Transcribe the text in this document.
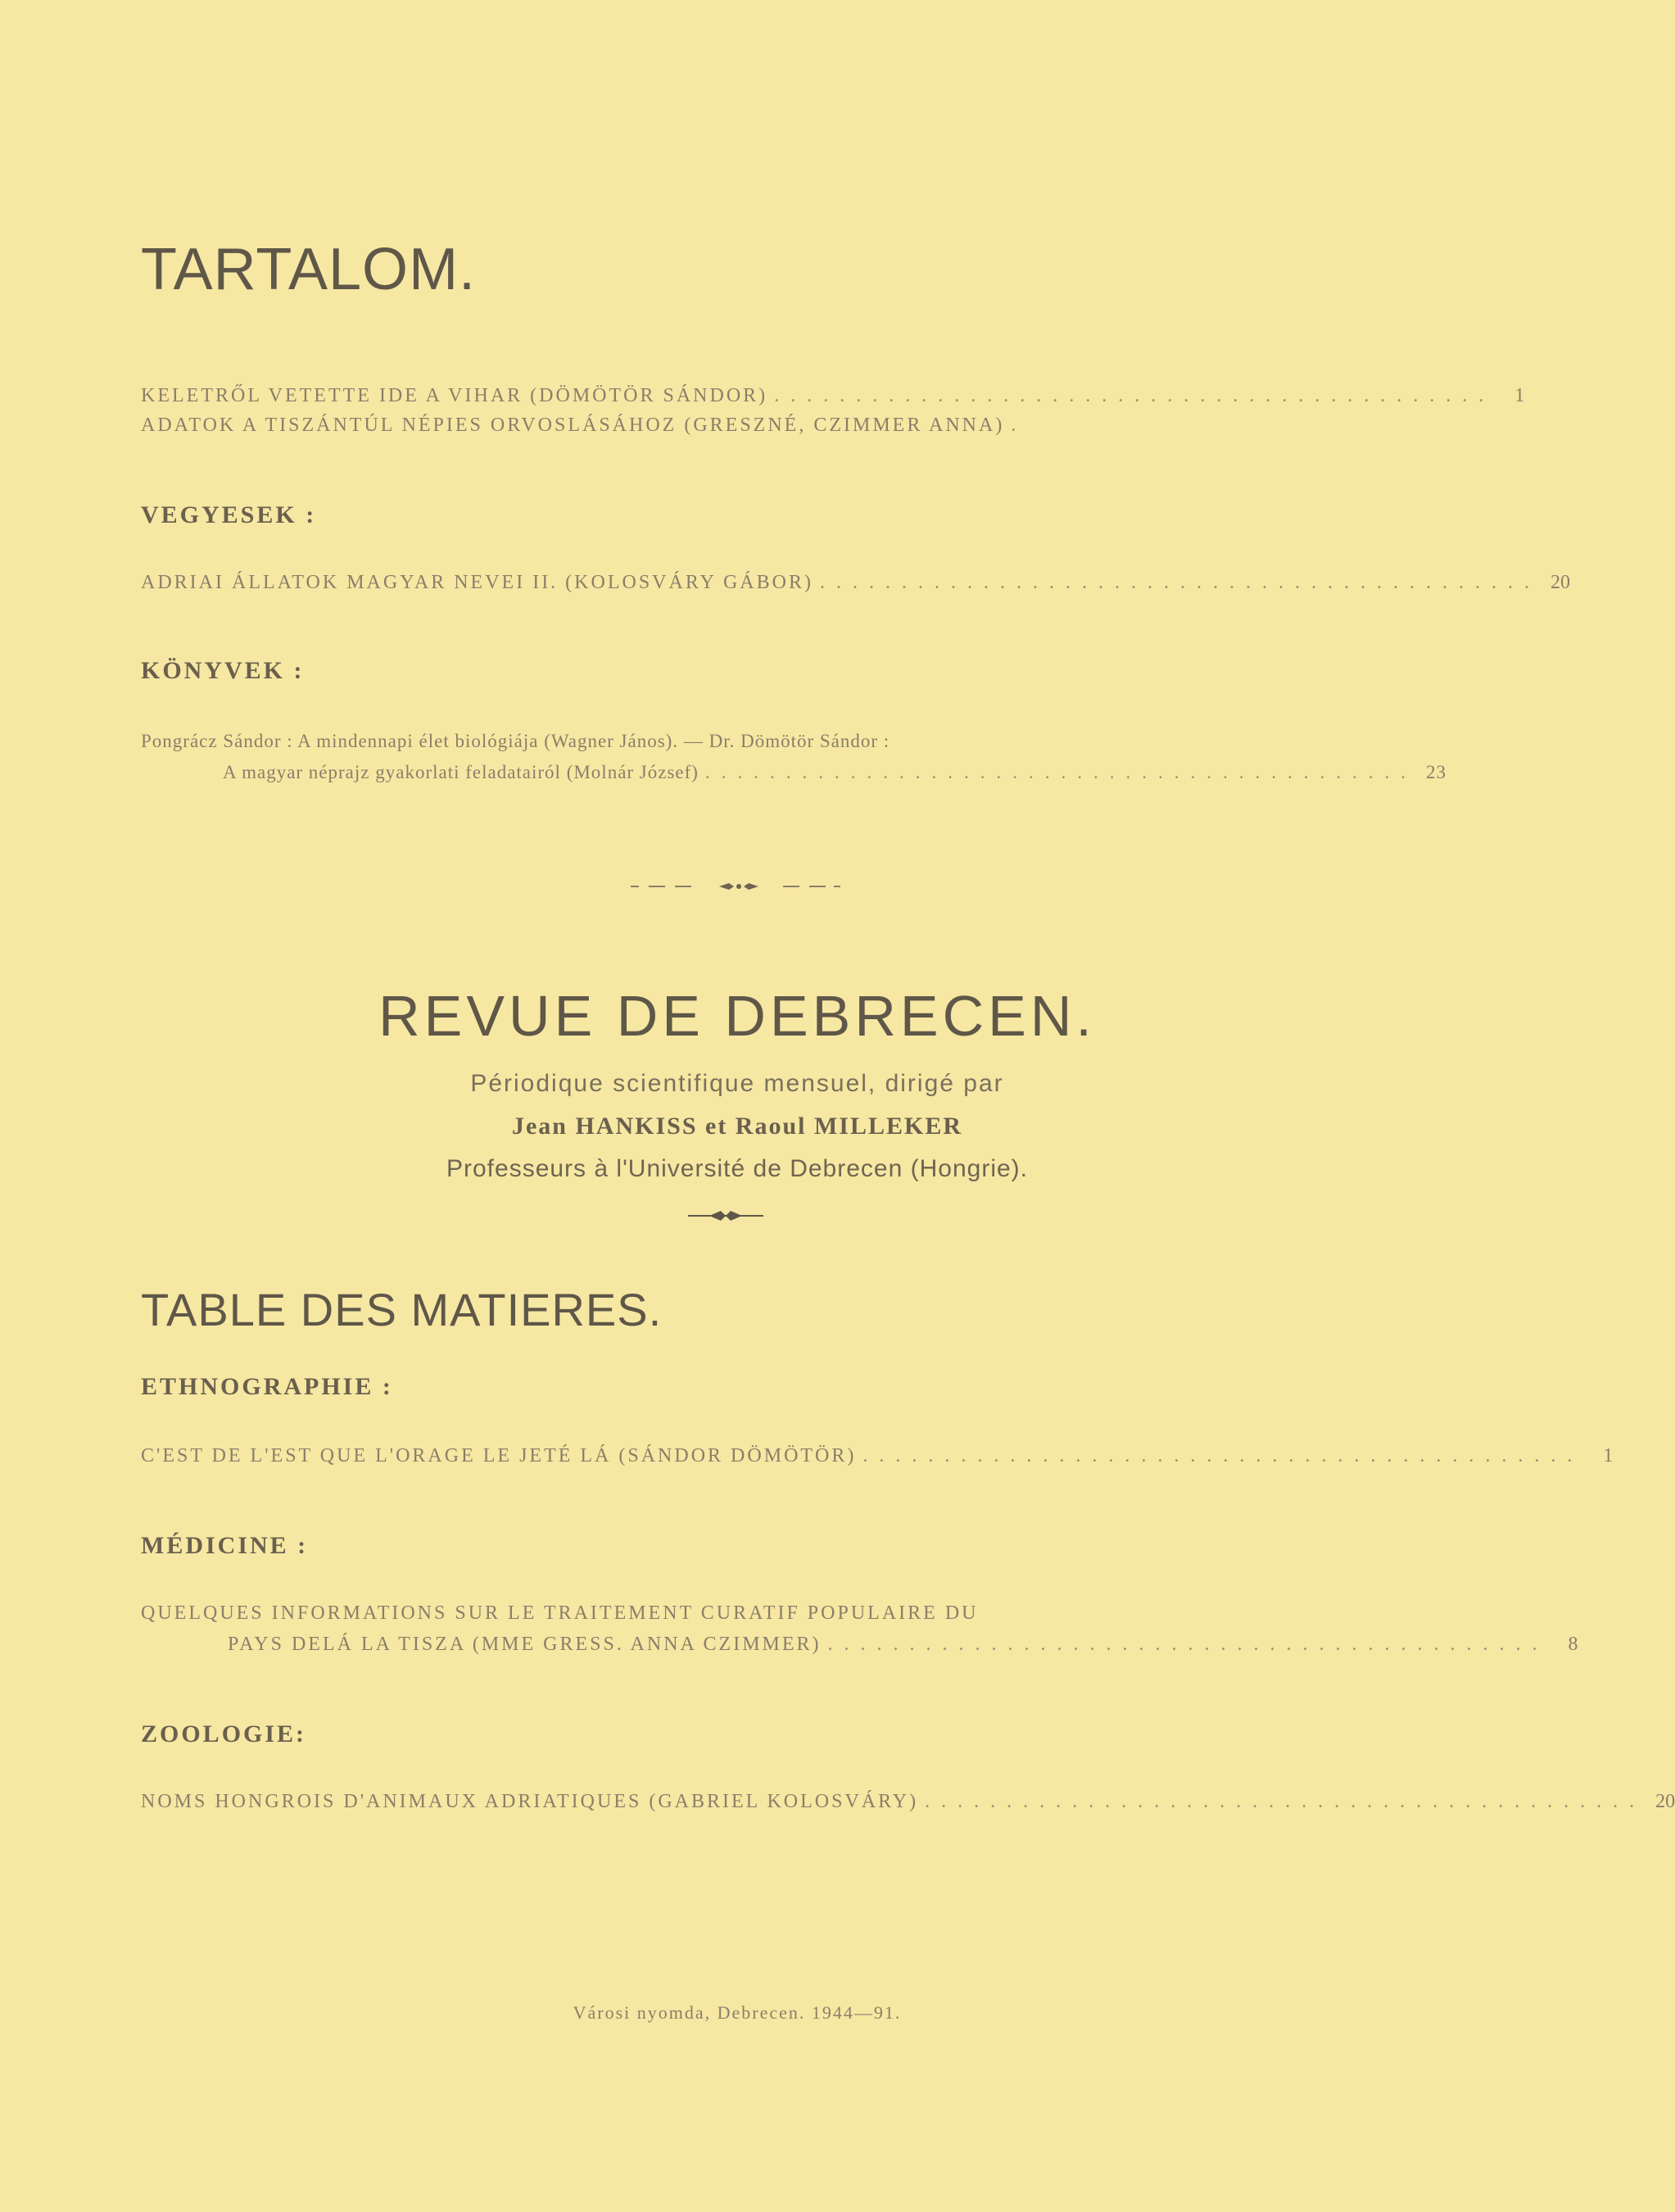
TARTALOM.
KELETRŐL VETETTE IDE A VIHAR (DÖMÖTÖR SÁNDOR) ............................................	1
ADATOK A TISZÁNTÚL NÉPIES ORVOSLÁSÁHOZ (GRESZNÉ, CZIMMER ANNA) .
VEGYESEK :
ADRIAI ÁLLATOK MAGYAR NEVEI II. (KOLOSVÁRY GÁBOR) ............................................ 20
KÖNYVEK :
Pongrácz Sándor : A mindennapi élet biológiája (Wagner János). — Dr. Dömötör Sándor :
A magyar néprajz gyakorlati feladatairól (Molnár József) ............................................ 23
REVUE DE DEBRECEN.
Périodique scientifique mensuel, dirigé par
Jean HANKISS et Raoul MILLEKER
Professeurs à l'Université de Debrecen (Hongrie).
TABLE DES MATIERES.
ETHNOGRAPHIE :
C'EST DE L'EST QUE L'ORAGE LE JETÉ LÁ (SÁNDOR DÖMÖTÖR) ............................................	1
MÉDICINE :
QUELQUES INFORMATIONS SUR LE TRAITEMENT CURATIF POPULAIRE DU
PAYS DELÁ LA TISZA (MME GRESS. ANNA CZIMMER) ............................................	8
ZOOLOGIE:
NOMS HONGROIS D'ANIMAUX ADRIATIQUES (GABRIEL KOLOSVÁRY) ............................................ 20
Városi nyomda, Debrecen. 1944—91.
